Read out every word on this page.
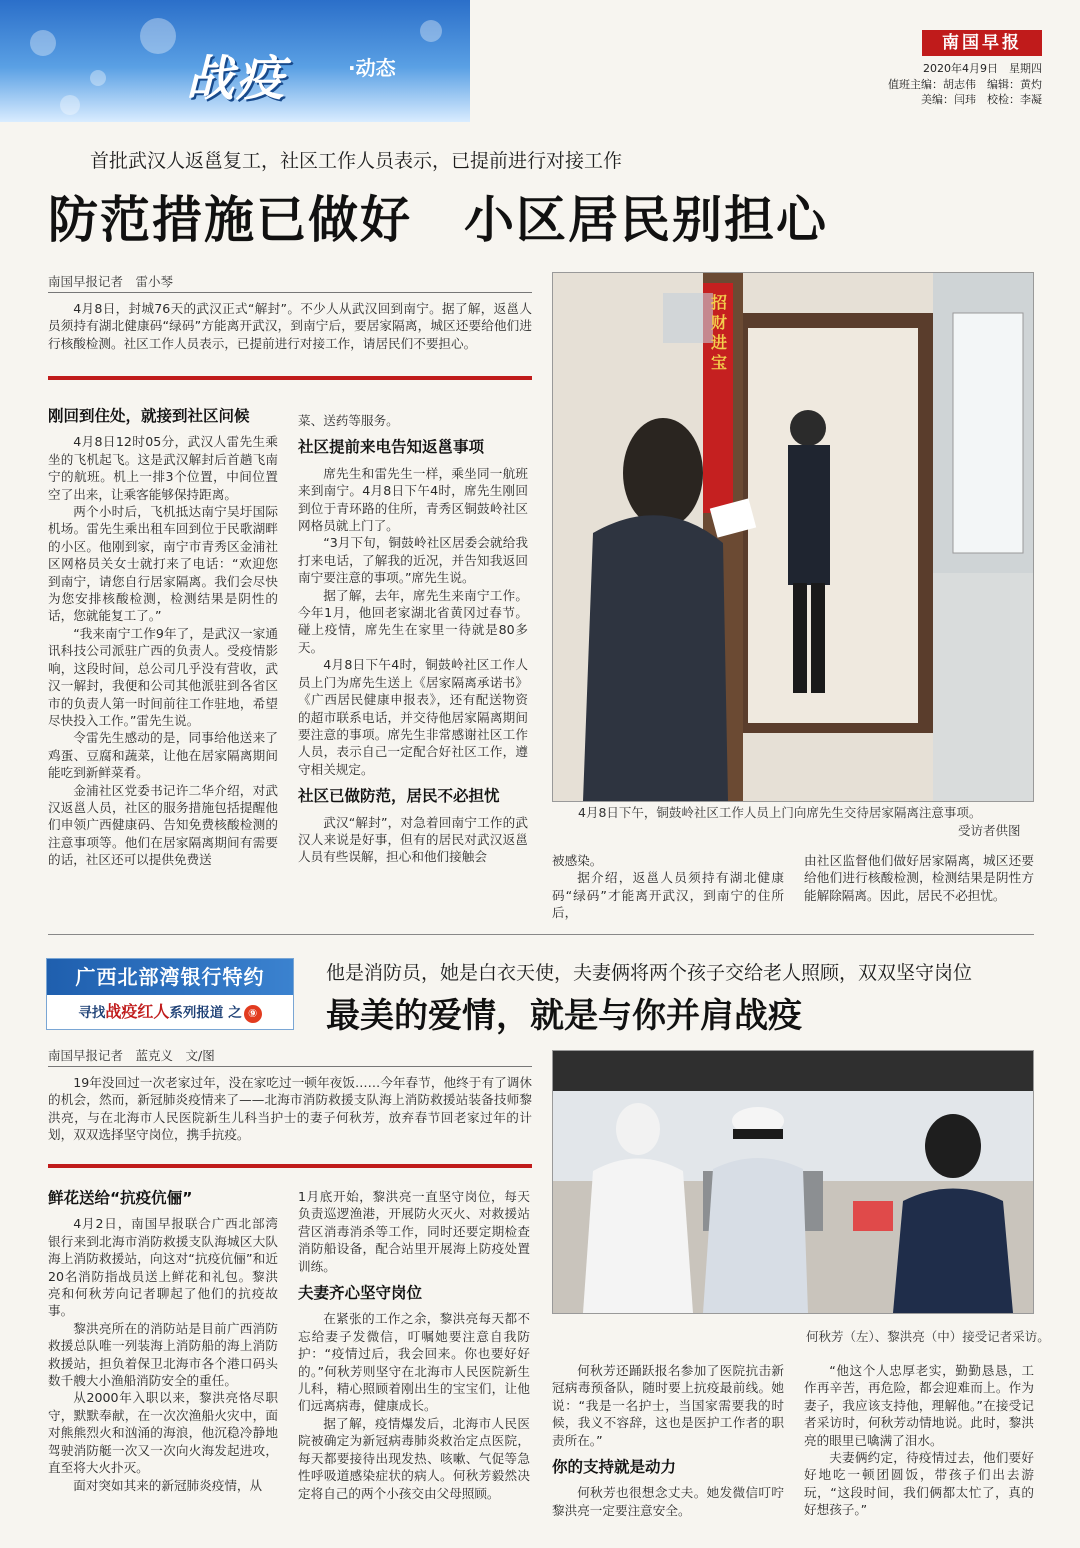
战疫	·动态
南国早报
2020年4月9日　星期四
值班主编：胡志伟　编辑：黄灼
美编：闫玮　校检：李凝
首批武汉人返邕复工，社区工作人员表示，已提前进行对接工作
防范措施已做好　小区居民别担心
南国早报记者　雷小琴

4月8日，封城76天的武汉正式“解封”。不少人从武汉回到南宁。据了解，返邕人员须持有湖北健康码“绿码”方能离开武汉，到南宁后，要居家隔离，城区还要给他们进行核酸检测。社区工作人员表示，已提前进行对接工作，请居民们不要担心。

刚回到住处，就接到社区问候

4月8日12时05分，武汉人雷先生乘坐的飞机起飞。这是武汉解封后首趟飞南宁的航班。机上一排3个位置，中间位置空了出来，让乘客能够保持距离。

两个小时后，飞机抵达南宁吴圩国际机场。雷先生乘出租车回到位于民歌湖畔的小区。他刚到家，南宁市青秀区金浦社区网格员关女士就打来了电话：“欢迎您到南宁，请您自行居家隔离。我们会尽快为您安排核酸检测，检测结果是阴性的话，您就能复工了。”

“我来南宁工作9年了，是武汉一家通讯科技公司派驻广西的负责人。受疫情影响，这段时间，总公司几乎没有营收，武汉一解封，我便和公司其他派驻到各省区市的负责人第一时间前往工作驻地，希望尽快投入工作。”雷先生说。

令雷先生感动的是，同事给他送来了鸡蛋、豆腐和蔬菜，让他在居家隔离期间能吃到新鲜菜肴。

金浦社区党委书记许二华介绍，对武汉返邕人员，社区的服务措施包括提醒他们申领广西健康码、告知免费核酸检测的注意事项等。他们在居家隔离期间有需要的话，社区还可以提供免费送

菜、送药等服务。

社区提前来电告知返邕事项

席先生和雷先生一样，乘坐同一航班来到南宁。4月8日下午4时，席先生刚回到位于青环路的住所，青秀区铜鼓岭社区网格员就上门了。

“3月下旬，铜鼓岭社区居委会就给我打来电话，了解我的近况，并告知我返回南宁要注意的事项。”席先生说。

据了解，去年，席先生来南宁工作。今年1月，他回老家湖北省黄冈过春节。碰上疫情，席先生在家里一待就是80多天。

4月8日下午4时，铜鼓岭社区工作人员上门为席先生送上《居家隔离承诺书》《广西居民健康申报表》，还有配送物资的超市联系电话，并交待他居家隔离期间要注意的事项。席先生非常感谢社区工作人员，表示自己一定配合好社区工作，遵守相关规定。

社区已做防范，居民不必担忧

武汉“解封”，对急着回南宁工作的武汉人来说是好事，但有的居民对武汉返邕人员有些误解，担心和他们接触会

招财进宝
4月8日下午，铜鼓岭社区工作人员上门向席先生交待居家隔离注意事项。
受访者供图

被感染。

据介绍，返邕人员须持有湖北健康码“绿码”才能离开武汉，到南宁的住所后，

由社区监督他们做好居家隔离，城区还要给他们进行核酸检测，检测结果是阴性方能解除隔离。因此，居民不必担忧。

广西北部湾银行特约
寻找战疫红人系列报道 之 ⑨
他是消防员，她是白衣天使，夫妻俩将两个孩子交给老人照顾，双双坚守岗位
最美的爱情，就是与你并肩战疫
南国早报记者　蓝克义　文/图

19年没回过一次老家过年，没在家吃过一顿年夜饭……今年春节，他终于有了调休的机会，然而，新冠肺炎疫情来了——北海市消防救援支队海上消防救援站装备技师黎洪亮，与在北海市人民医院新生儿科当护士的妻子何秋芳，放弃春节回老家过年的计划，双双选择坚守岗位，携手抗疫。

鲜花送给“抗疫伉俪”

4月2日，南国早报联合广西北部湾银行来到北海市消防救援支队海城区大队海上消防救援站，向这对“抗疫伉俪”和近20名消防指战员送上鲜花和礼包。黎洪亮和何秋芳向记者聊起了他们的抗疫故事。

黎洪亮所在的消防站是目前广西消防救援总队唯一列装海上消防船的海上消防救援站，担负着保卫北海市各个港口码头数千艘大小渔船消防安全的重任。

从2000年入职以来，黎洪亮恪尽职守，默默奉献，在一次次渔船火灾中，面对熊熊烈火和汹涌的海浪，他沉稳冷静地驾驶消防艇一次又一次向火海发起进攻，直至将大火扑灭。

面对突如其来的新冠肺炎疫情，从

1月底开始，黎洪亮一直坚守岗位，每天负责巡逻渔港，开展防火灭火、对救援站营区消毒消杀等工作，同时还要定期检查消防船设备，配合站里开展海上防疫处置训练。

夫妻齐心坚守岗位

在紧张的工作之余，黎洪亮每天都不忘给妻子发微信，叮嘱她要注意自我防护：“疫情过后，我会回来。你也要好好的。”何秋芳则坚守在北海市人民医院新生儿科，精心照顾着刚出生的宝宝们，让他们远离病毒，健康成长。

据了解，疫情爆发后，北海市人民医院被确定为新冠病毒肺炎救治定点医院，每天都要接待出现发热、咳嗽、气促等急性呼吸道感染症状的病人。何秋芳毅然决定将自己的两个小孩交由父母照顾。

何秋芳（左）、黎洪亮（中）接受记者采访。

何秋芳还踊跃报名参加了医院抗击新冠病毒预备队，随时要上抗疫最前线。她说：“我是一名护士，当国家需要我的时候，我义不容辞，这也是医护工作者的职责所在。”

你的支持就是动力

何秋芳也很想念丈夫。她发微信叮咛黎洪亮一定要注意安全。

“他这个人忠厚老实，勤勤恳恳，工作再辛苦，再危险，都会迎难而上。作为妻子，我应该支持他，理解他。”在接受记者采访时，何秋芳动情地说。此时，黎洪亮的眼里已噙满了泪水。

夫妻俩约定，待疫情过去，他们要好好地吃一顿团圆饭，带孩子们出去游玩，“这段时间，我们俩都太忙了，真的好想孩子。”
